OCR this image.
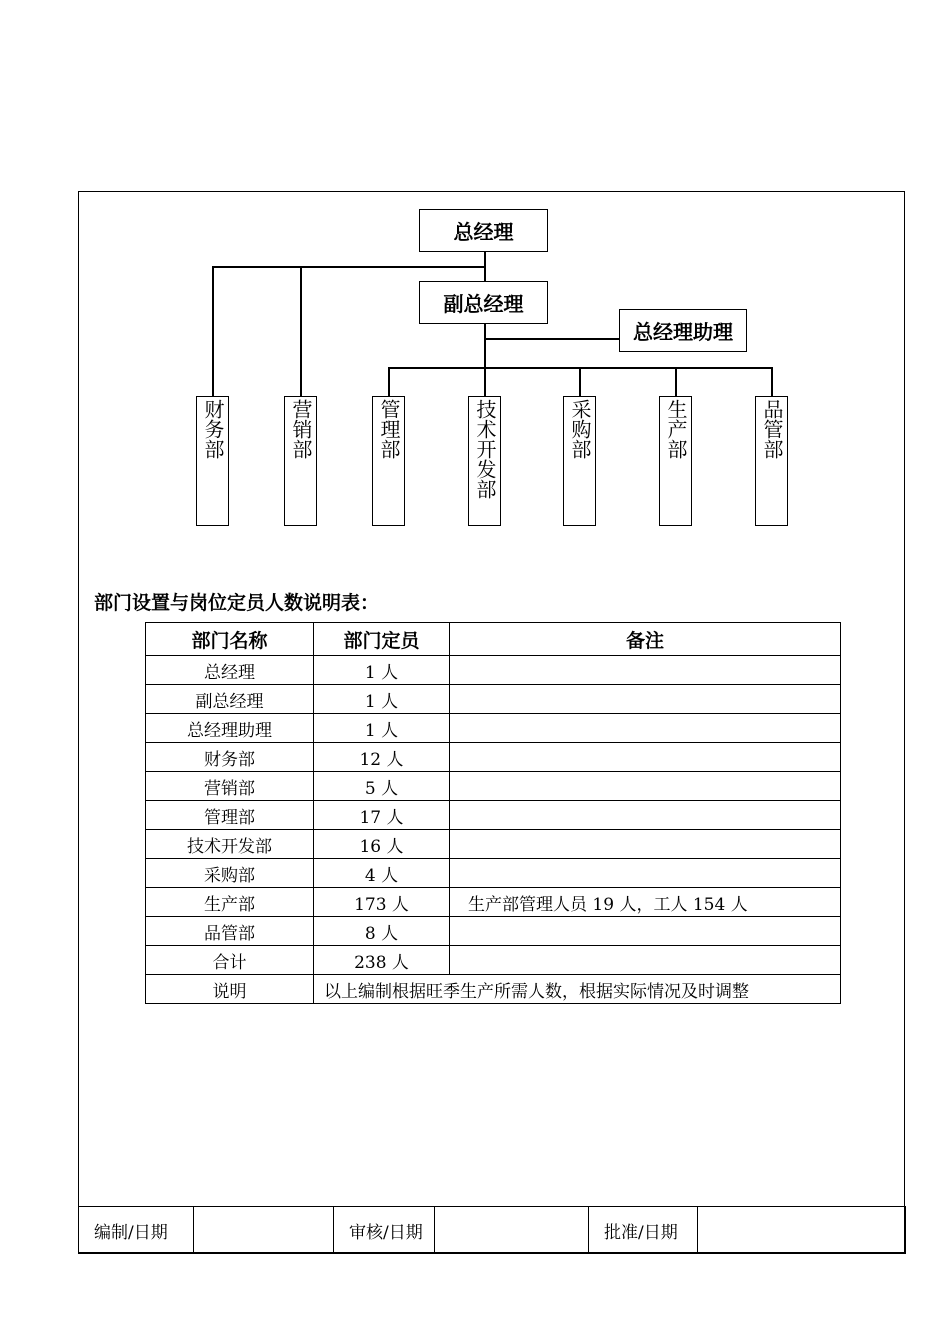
总经理
副总经理
总经理助理
财务部	营销部	管理部	技术开发部	采购部	生产部	品管部
部门设置与岗位定员人数说明表：
部门名称	部门定员	备注
总经理	1 人	
副总经理	1 人	
总经理助理	1 人	
财务部	12 人	
营销部	5 人	
管理部	17 人	
技术开发部	16 人	
采购部	4 人	
生产部	173 人	生产部管理人员 19 人，工人 154 人
品管部	8 人	
合计	238 人	
说明	以上编制根据旺季生产所需人数，根据实际情况及时调整	
编制/日期		审核/日期		批准/日期	
